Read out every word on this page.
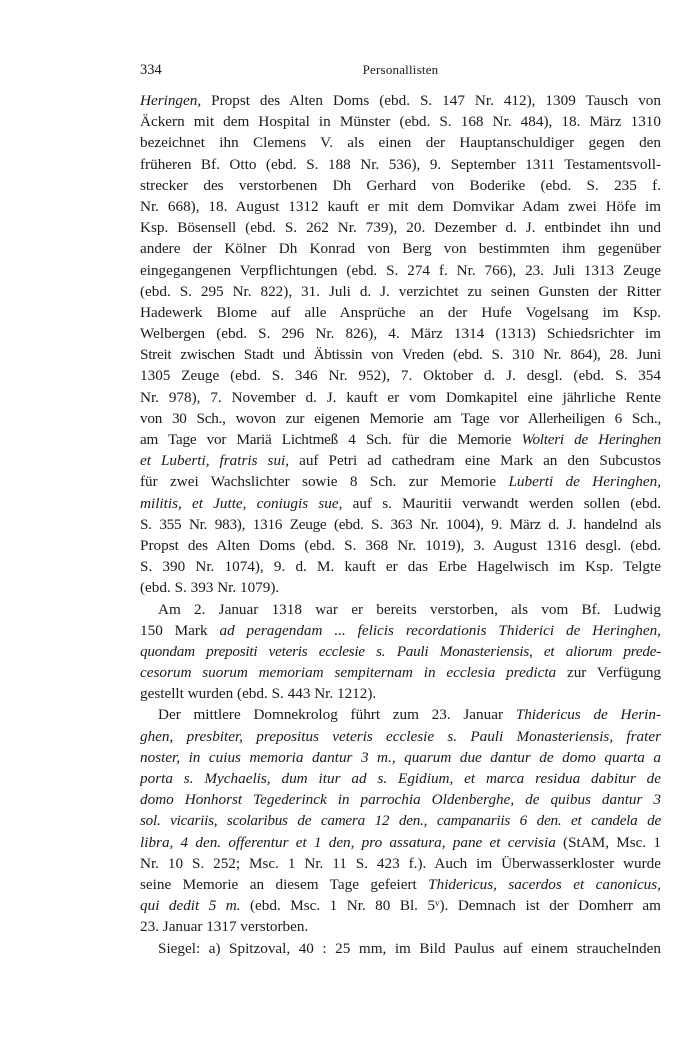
334	Personallisten
Heringen, Propst des Alten Doms (ebd. S. 147 Nr. 412), 1309 Tausch von
Äckern mit dem Hospital in Münster (ebd. S. 168 Nr. 484), 18. März 1310
bezeichnet ihn Clemens V. als einen der Hauptanschuldiger gegen den
früheren Bf. Otto (ebd. S. 188 Nr. 536), 9. September 1311 Testamentsvoll-
strecker des verstorbenen Dh Gerhard von Boderike (ebd. S. 235 f.
Nr. 668), 18. August 1312 kauft er mit dem Domvikar Adam zwei Höfe im
Ksp. Bösensell (ebd. S. 262 Nr. 739), 20. Dezember d. J. entbindet ihn und
andere der Kölner Dh Konrad von Berg von bestimmten ihm gegenüber
eingegangenen Verpflichtungen (ebd. S. 274 f. Nr. 766), 23. Juli 1313 Zeuge
(ebd. S. 295 Nr. 822), 31. Juli d. J. verzichtet zu seinen Gunsten der Ritter
Hadewerk Blome auf alle Ansprüche an der Hufe Vogelsang im Ksp.
Welbergen (ebd. S. 296 Nr. 826), 4. März 1314 (1313) Schiedsrichter im
Streit zwischen Stadt und Äbtissin von Vreden (ebd. S. 310 Nr. 864), 28. Juni
1305 Zeuge (ebd. S. 346 Nr. 952), 7. Oktober d. J. desgl. (ebd. S. 354
Nr. 978), 7. November d. J. kauft er vom Domkapitel eine jährliche Rente
von 30 Sch., wovon zur eigenen Memorie am Tage vor Allerheiligen 6 Sch.,
am Tage vor Mariä Lichtmeß 4 Sch. für die Memorie Wolteri de Heringhen
et Luberti, fratris sui, auf Petri ad cathedram eine Mark an den Subcustos
für zwei Wachslichter sowie 8 Sch. zur Memorie Luberti de Heringhen,
militis, et Jutte, coniugis sue, auf s. Mauritii verwandt werden sollen (ebd.
S. 355 Nr. 983), 1316 Zeuge (ebd. S. 363 Nr. 1004), 9. März d. J. handelnd als
Propst des Alten Doms (ebd. S. 368 Nr. 1019), 3. August 1316 desgl. (ebd.
S. 390 Nr. 1074), 9. d. M. kauft er das Erbe Hagelwisch im Ksp. Telgte
(ebd. S. 393 Nr. 1079).
Am 2. Januar 1318 war er bereits verstorben, als vom Bf. Ludwig
150 Mark ad peragendam ... felicis recordationis Thiderici de Heringhen,
quondam prepositi veteris ecclesie s. Pauli Monasteriensis, et aliorum prede-
cesorum suorum memoriam sempiternam in ecclesia predicta zur Verfügung
gestellt wurden (ebd. S. 443 Nr. 1212).
Der mittlere Domnekrolog führt zum 23. Januar Thidericus de Herin-
ghen, presbiter, prepositus veteris ecclesie s. Pauli Monasteriensis, frater
noster, in cuius memoria dantur 3 m., quarum due dantur de domo quarta a
porta s. Mychaelis, dum itur ad s. Egidium, et marca residua dabitur de
domo Honhorst Tegederinck in parrochia Oldenberghe, de quibus dantur 3
sol. vicariis, scolaribus de camera 12 den., campanariis 6 den. et candela de
libra, 4 den. offerentur et 1 den, pro assatura, pane et cervisia (StAM, Msc. 1
Nr. 10 S. 252; Msc. 1 Nr. 11 S. 423 f.). Auch im Überwasserkloster wurde
seine Memorie an diesem Tage gefeiert Thidericus, sacerdos et canonicus,
qui dedit 5 m. (ebd. Msc. 1 Nr. 80 Bl. 5ᵛ). Demnach ist der Domherr am
23. Januar 1317 verstorben.
Siegel: a) Spitzoval, 40 : 25 mm, im Bild Paulus auf einem strauchelnden
